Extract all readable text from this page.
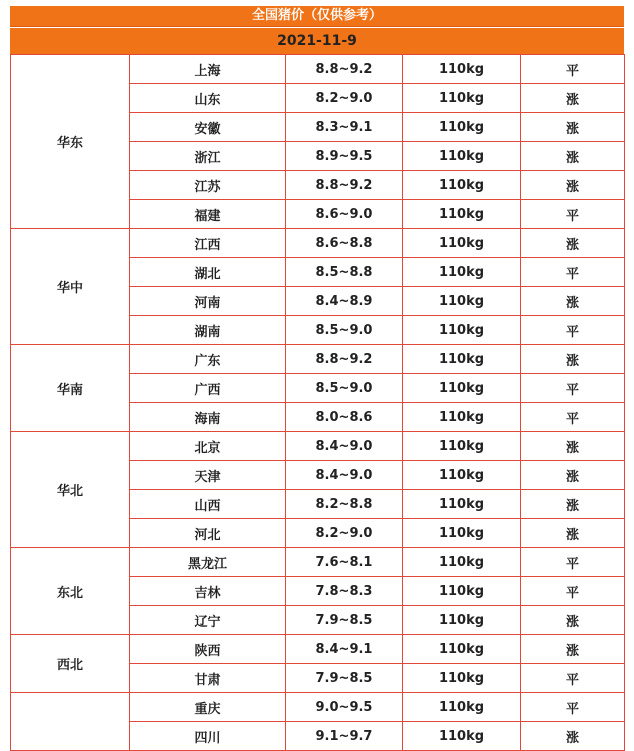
全国猪价（仅供参考）
2021-11-9
华东	上海	8.8~9.2	110kg	平
	山东	8.2~9.0	110kg	涨
	安徽	8.3~9.1	110kg	涨
	浙江	8.9~9.5	110kg	涨
	江苏	8.8~9.2	110kg	涨
	福建	8.6~9.0	110kg	平
华中	江西	8.6~8.8	110kg	涨
	湖北	8.5~8.8	110kg	平
	河南	8.4~8.9	110kg	涨
	湖南	8.5~9.0	110kg	平
华南	广东	8.8~9.2	110kg	涨
	广西	8.5~9.0	110kg	平
	海南	8.0~8.6	110kg	平
华北	北京	8.4~9.0	110kg	涨
	天津	8.4~9.0	110kg	涨
	山西	8.2~8.8	110kg	涨
	河北	8.2~9.0	110kg	涨
东北	黑龙江	7.6~8.1	110kg	平
	吉林	7.8~8.3	110kg	平
	辽宁	7.9~8.5	110kg	涨
西北	陕西	8.4~9.1	110kg	涨
	甘肃	7.9~8.5	110kg	平
	重庆	9.0~9.5	110kg	平
	四川	9.1~9.7	110kg	涨
